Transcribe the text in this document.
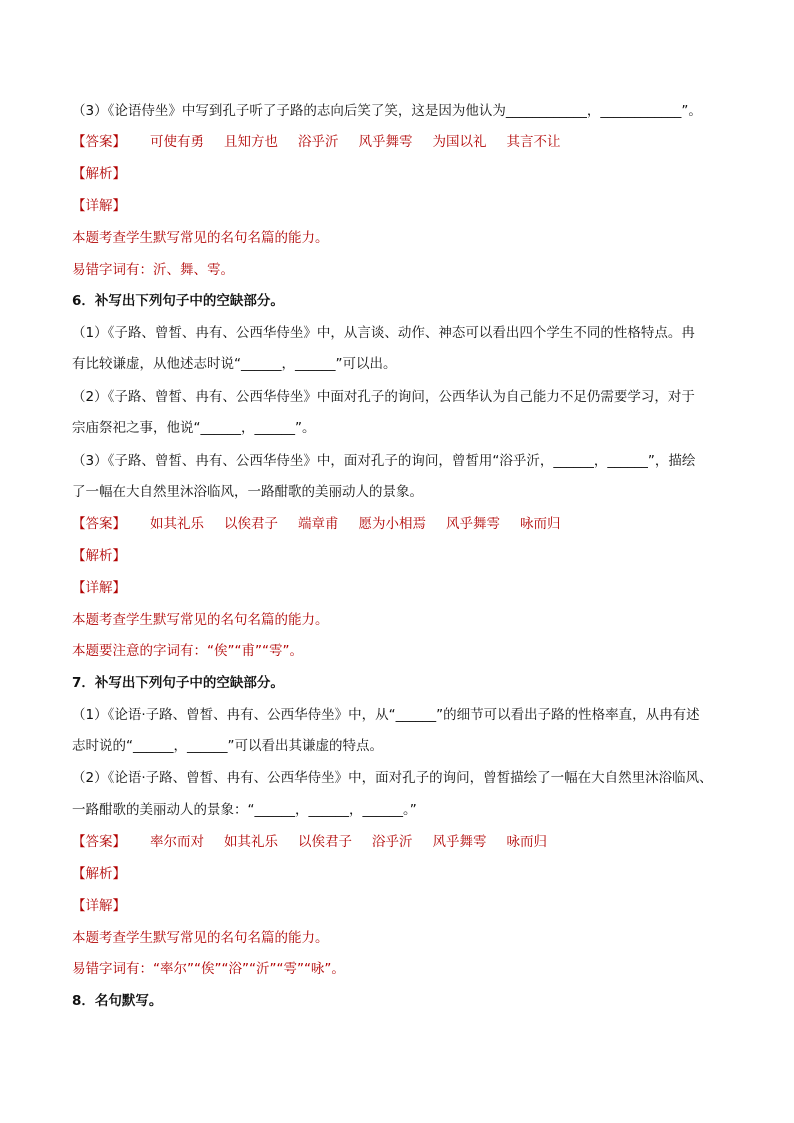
（3）《论语侍坐》中写到孔子听了子路的志向后笑了笑，这是因为他认为____________，____________”。
【答案】 可使有勇 且知方也 浴乎沂 风乎舞雩 为国以礼 其言不让
【解析】
【详解】
本题考查学生默写常见的名句名篇的能力。
易错字词有：沂、舞、雩。
6．补写出下列句子中的空缺部分。
（1）《子路、曾皙、冉有、公西华侍坐》中，从言谈、动作、神态可以看出四个学生不同的性格特点。冉
有比较谦虚，从他述志时说“______，______”可以出。
（2）《子路、曾皙、冉有、公西华侍坐》中面对孔子的询问，公西华认为自己能力不足仍需要学习，对于
宗庙祭祀之事，他说“______，______”。
（3）《子路、曾皙、冉有、公西华侍坐》中，面对孔子的询问，曾皙用“浴乎沂，______，______”，描绘
了一幅在大自然里沐浴临风，一路酣歌的美丽动人的景象。
【答案】 如其礼乐 以俟君子 端章甫 愿为小相焉 风乎舞雩 咏而归
【解析】
【详解】
本题考查学生默写常见的名句名篇的能力。
本题要注意的字词有：“俟”“甫”“雩”。
7．补写出下列句子中的空缺部分。
（1）《论语·子路、曾皙、冉有、公西华侍坐》中，从“______”的细节可以看出子路的性格率直，从冉有述
志时说的“______，______”可以看出其谦虚的特点。
（2）《论语·子路、曾皙、冉有、公西华侍坐》中，面对孔子的询问，曾皙描绘了一幅在大自然里沐浴临风、
一路酣歌的美丽动人的景象：“______，______，______。”
【答案】 率尔而对 如其礼乐 以俟君子 浴乎沂 风乎舞雩 咏而归
【解析】
【详解】
本题考查学生默写常见的名句名篇的能力。
易错字词有：“率尔”“俟”“浴”“沂”“雩”“咏”。
8．名句默写。
